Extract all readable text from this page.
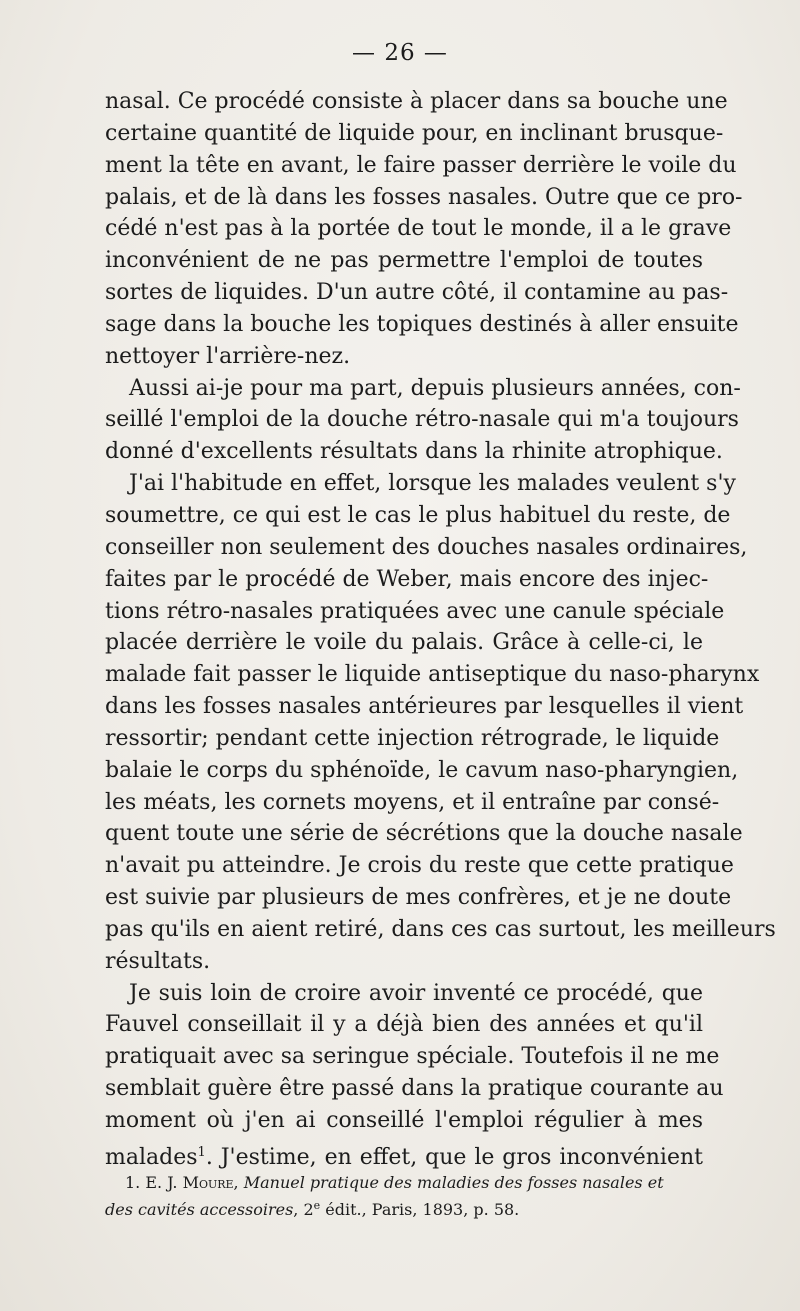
— 26 —
nasal. Ce procédé consiste à placer dans sa bouche une
certaine quantité de liquide pour, en inclinant brusque-
ment la tête en avant, le faire passer derrière le voile du
palais, et de là dans les fosses nasales. Outre que ce pro-
cédé n'est pas à la portée de tout le monde, il a le grave
inconvénient de ne pas permettre l'emploi de toutes
sortes de liquides. D'un autre côté, il contamine au pas-
sage dans la bouche les topiques destinés à aller ensuite
nettoyer l'arrière-nez.
Aussi ai-je pour ma part, depuis plusieurs années, con-
seillé l'emploi de la douche rétro-nasale qui m'a toujours
donné d'excellents résultats dans la rhinite atrophique.
J'ai l'habitude en effet, lorsque les malades veulent s'y
soumettre, ce qui est le cas le plus habituel du reste, de
conseiller non seulement des douches nasales ordinaires,
faites par le procédé de Weber, mais encore des injec-
tions rétro-nasales pratiquées avec une canule spéciale
placée derrière le voile du palais. Grâce à celle-ci, le
malade fait passer le liquide antiseptique du naso-pharynx
dans les fosses nasales antérieures par lesquelles il vient
ressortir; pendant cette injection rétrograde, le liquide
balaie le corps du sphénoïde, le cavum naso-pharyngien,
les méats, les cornets moyens, et il entraîne par consé-
quent toute une série de sécrétions que la douche nasale
n'avait pu atteindre. Je crois du reste que cette pratique
est suivie par plusieurs de mes confrères, et je ne doute
pas qu'ils en aient retiré, dans ces cas surtout, les meilleurs
résultats.
Je suis loin de croire avoir inventé ce procédé, que
Fauvel conseillait il y a déjà bien des années et qu'il
pratiquait avec sa seringue spéciale. Toutefois il ne me
semblait guère être passé dans la pratique courante au
moment où j'en ai conseillé l'emploi régulier à mes
malades$^1$. J'estime, en effet, que le gros inconvénient
1. E. J. Moure, Manuel pratique des maladies des fosses nasales et
des cavités accessoires, 2e édit., Paris, 1893, p. 58.
